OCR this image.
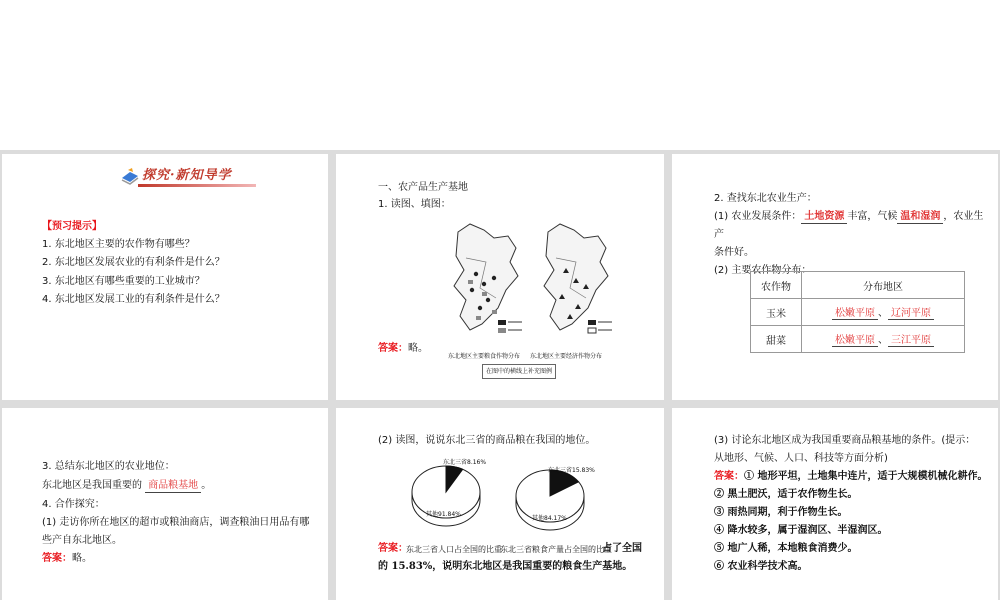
探究·新知导学
【预习提示】
1. 东北地区主要的农作物有哪些？
2. 东北地区发展农业的有利条件是什么？
3. 东北地区有哪些重要的工业城市？
4. 东北地区发展工业的有利条件是什么？
一、农产品生产基地
1. 读图、填图：
答案：略。
东北地区主要粮食作物分布 东北地区主要经济作物分布
在图中的横线上补充图例
2. 查找东北农业生产：
(1) 农业发展条件： 土地资源 丰富，气候 温和湿润 ，农业生
产
条件好。
(2) 主要农作物分布：
农作物	分布地区
玉米	松嫩平原 、 辽河平原
甜菜	松嫩平原 、 三江平原
3. 总结东北地区的农业地位：
东北地区是我国重要的 商品粮基地 。
4. 合作探究：
(1) 走访你所在地区的超市或粮油商店，调查粮油日用品有哪
些产自东北地区。
答案：略。
(2) 读图，说说东北三省的商品粮在我国的地位。
东北三省8.16%
其他91.84%
东北三省15.83%
其他84.17%
答案：
东北三省人口占全国的比重
东北三省粮食产量占全国的比重
占了全国
的 15.83%，说明东北地区是我国重要的粮食生产基地。
(3) 讨论东北地区成为我国重要商品粮基地的条件。(提示：
从地形、气候、人口、科技等方面分析)
答案：① 地形平坦，土地集中连片，适于大规模机械化耕作。
② 黑土肥沃，适于农作物生长。
③ 雨热同期，利于作物生长。
④ 降水较多，属于湿润区、半湿润区。
⑤ 地广人稀，本地粮食消费少。
⑥ 农业科学技术高。
